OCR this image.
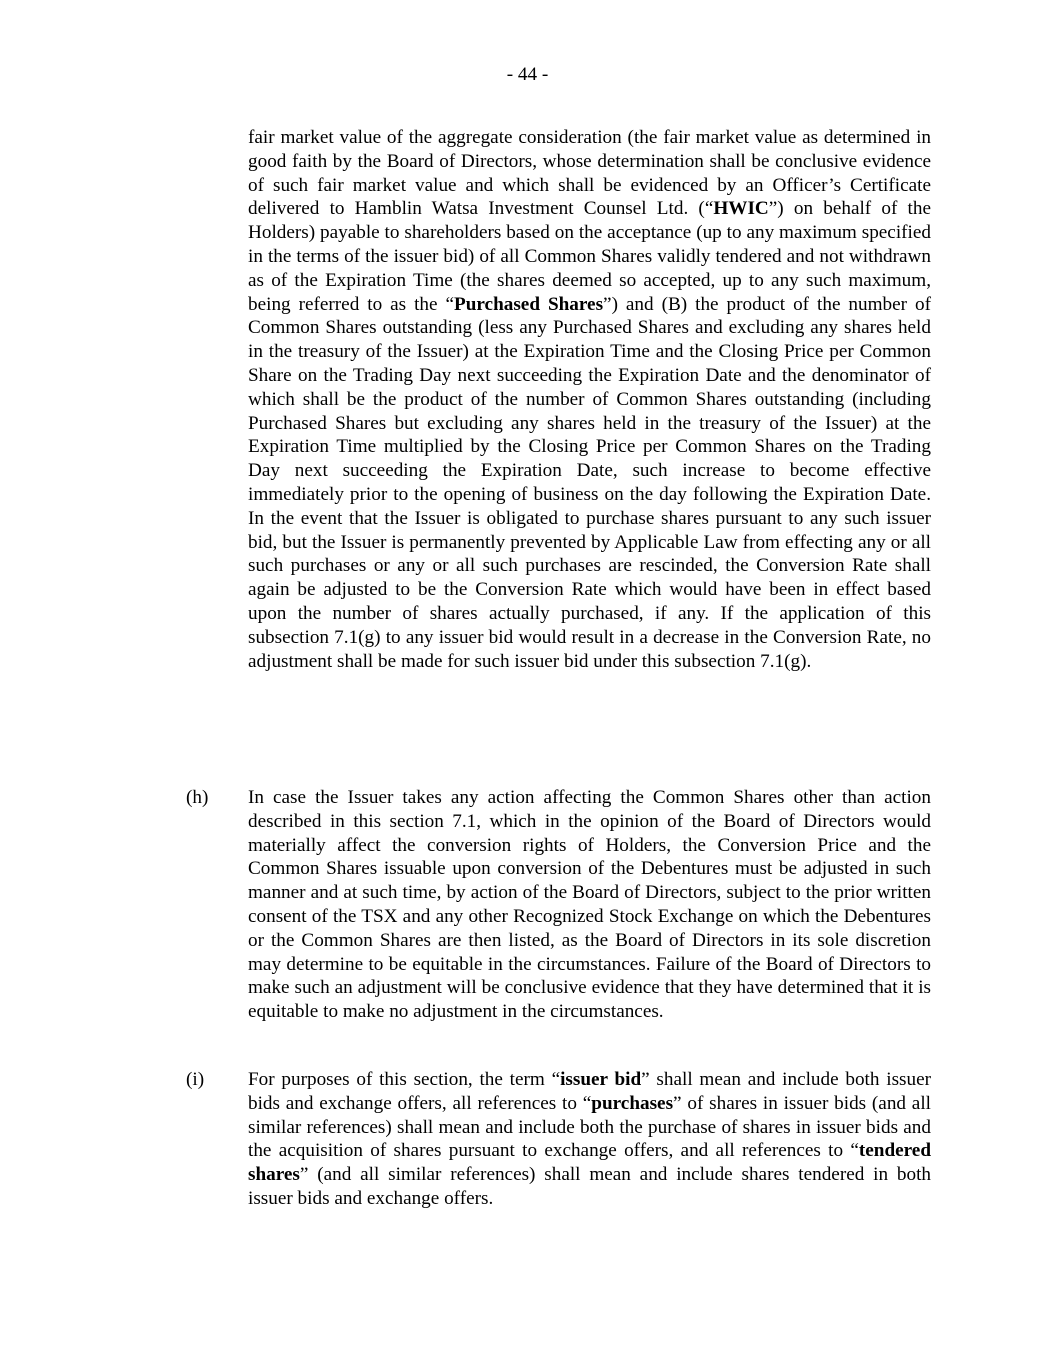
- 44 -

fair market value of the aggregate consideration (the fair market value as determined in good faith by the Board of Directors, whose determination shall be conclusive evidence of such fair market value and which shall be evidenced by an Officer’s Certificate delivered to Hamblin Watsa Investment Counsel Ltd. (“HWIC”) on behalf of the Holders) payable to shareholders based on the acceptance (up to any maximum specified in the terms of the issuer bid) of all Common Shares validly tendered and not withdrawn as of the Expiration Time (the shares deemed so accepted, up to any such maximum, being referred to as the “Purchased Shares”) and (B) the product of the number of Common Shares outstanding (less any Purchased Shares and excluding any shares held in the treasury of the Issuer) at the Expiration Time and the Closing Price per Common Share on the Trading Day next succeeding the Expiration Date and the denominator of which shall be the product of the number of Common Shares outstanding (including Purchased Shares but excluding any shares held in the treasury of the Issuer) at the Expiration Time multiplied by the Closing Price per Common Shares on the Trading Day next succeeding the Expiration Date, such increase to become effective immediately prior to the opening of business on the day following the Expiration Date. In the event that the Issuer is obligated to purchase shares pursuant to any such issuer bid, but the Issuer is permanently prevented by Applicable Law from effecting any or all such purchases or any or all such purchases are rescinded, the Conversion Rate shall again be adjusted to be the Conversion Rate which would have been in effect based upon the number of shares actually purchased, if any. If the application of this subsection 7.1(g) to any issuer bid would result in a decrease in the Conversion Rate, no adjustment shall be made for such issuer bid under this subsection 7.1(g).

(h) In case the Issuer takes any action affecting the Common Shares other than action described in this section 7.1, which in the opinion of the Board of Directors would materially affect the conversion rights of Holders, the Conversion Price and the Common Shares issuable upon conversion of the Debentures must be adjusted in such manner and at such time, by action of the Board of Directors, subject to the prior written consent of the TSX and any other Recognized Stock Exchange on which the Debentures or the Common Shares are then listed, as the Board of Directors in its sole discretion may determine to be equitable in the circumstances. Failure of the Board of Directors to make such an adjustment will be conclusive evidence that they have determined that it is equitable to make no adjustment in the circumstances.

(i) For purposes of this section, the term “issuer bid” shall mean and include both issuer bids and exchange offers, all references to “purchases” of shares in issuer bids (and all similar references) shall mean and include both the purchase of shares in issuer bids and the acquisition of shares pursuant to exchange offers, and all references to “tendered shares” (and all similar references) shall mean and include shares tendered in both issuer bids and exchange offers.
